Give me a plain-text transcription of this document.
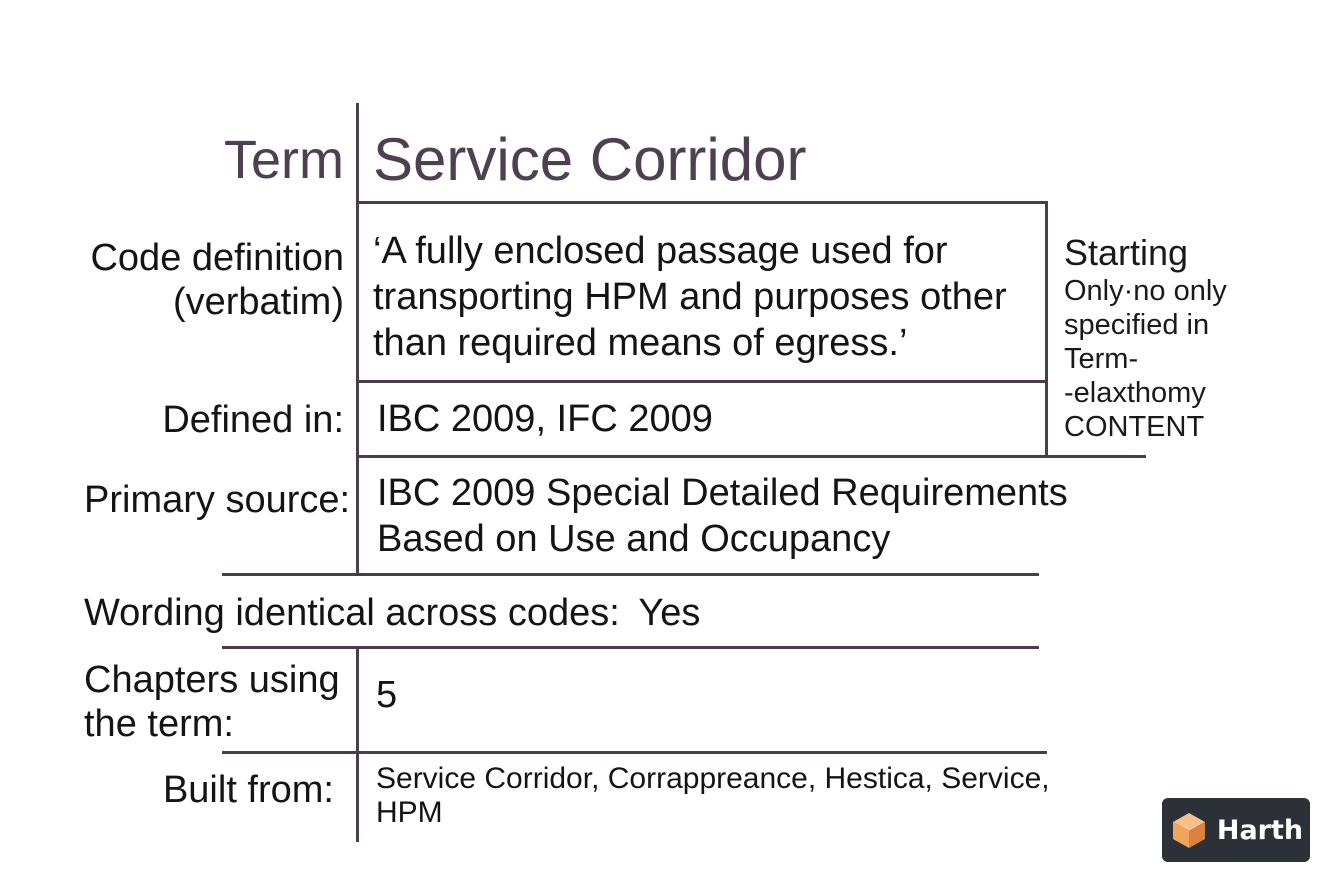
Term Service Corridor
Code definition
(verbatim)
‘A fully enclosed passage used for
transporting HPM and purposes other
than required means of egress.’
Defined in: IBC 2009, IFC 2009
Primary source: IBC 2009 Special Detailed Requirements
Based on Use and Occupancy
Wording identical across codes: Yes
Chapters using
the term:
5
Built from: Service Corridor, Corrappreance, Hestica, Service,
HPM
Starting
Only·no only
specified in
Term-
-elaxthomy
CONTENT
Harth
